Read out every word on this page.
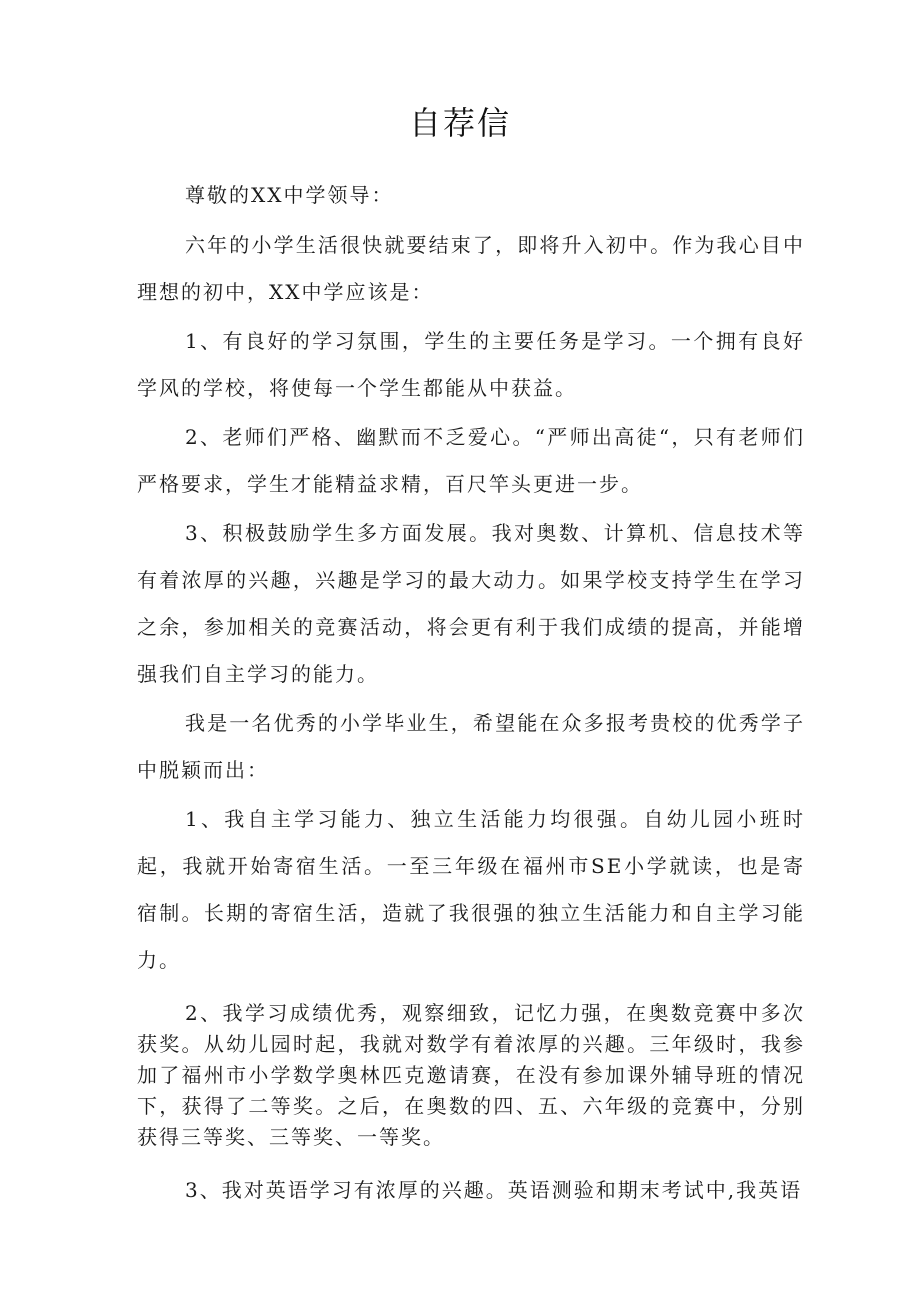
自荐信

尊敬的XX中学领导：

六年的小学生活很快就要结束了，即将升入初中。作为我心目中理想的初中，XX中学应该是：

1、有良好的学习氛围，学生的主要任务是学习。一个拥有良好学风的学校，将使每一个学生都能从中获益。

2、老师们严格、幽默而不乏爱心。“严师出高徒“，只有老师们严格要求，学生才能精益求精，百尺竿头更进一步。

3、积极鼓励学生多方面发展。我对奥数、计算机、信息技术等有着浓厚的兴趣，兴趣是学习的最大动力。如果学校支持学生在学习之余，参加相关的竞赛活动，将会更有利于我们成绩的提高，并能增强我们自主学习的能力。

我是一名优秀的小学毕业生，希望能在众多报考贵校的优秀学子中脱颖而出：

1、我自主学习能力、独立生活能力均很强。自幼儿园小班时起，我就开始寄宿生活。一至三年级在福州市SE小学就读，也是寄宿制。长期的寄宿生活，造就了我很强的独立生活能力和自主学习能力。

2、我学习成绩优秀，观察细致，记忆力强，在奥数竞赛中多次获奖。从幼儿园时起，我就对数学有着浓厚的兴趣。三年级时，我参加了福州市小学数学奥林匹克邀请赛，在没有参加课外辅导班的情况下，获得了二等奖。之后，在奥数的四、五、六年级的竞赛中，分别获得三等奖、三等奖、一等奖。

3、我对英语学习有浓厚的兴趣。英语测验和期末考试中,我英语
